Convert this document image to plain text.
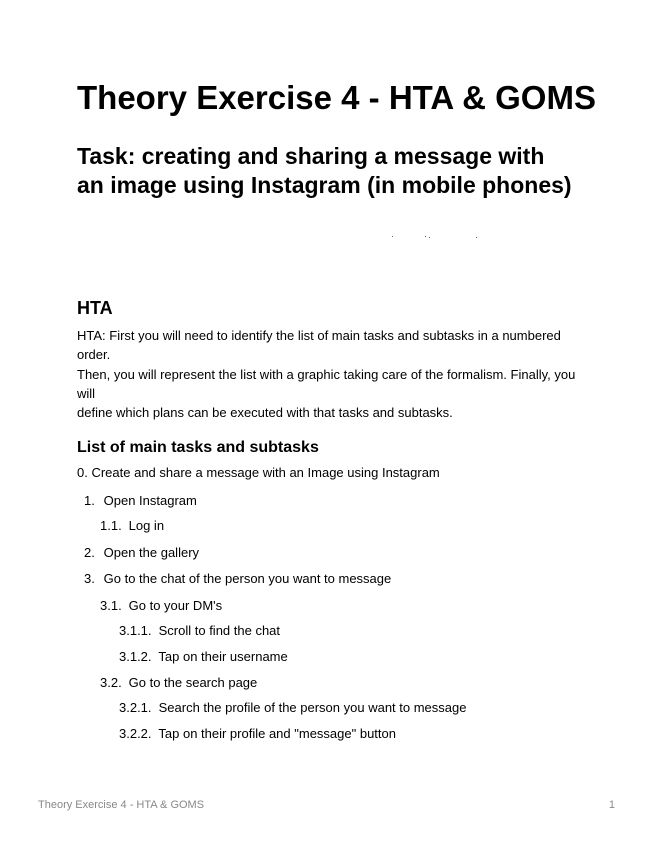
Theory Exercise 4 - HTA & GOMS
Task: creating and sharing a message with an image using Instagram (in mobile phones)
HTA

HTA: First you will need to identify the list of main tasks and subtasks in a numbered order.

Then, you will represent the list with a graphic taking care of the formalism. Finally, you will

define which plans can be executed with that tasks and subtasks.

List of main tasks and subtasks
0. Create and share a message with an Image using Instagram
1. Open Instagram
1.1. Log in
2. Open the gallery
3. Go to the chat of the person you want to message
3.1. Go to your DM's
3.1.1. Scroll to find the chat
3.1.2. Tap on their username
3.2. Go to the search page
3.2.1. Search the profile of the person you want to message
3.2.2. Tap on their profile and "message" button
Theory Exercise 4 - HTA & GOMS	1
